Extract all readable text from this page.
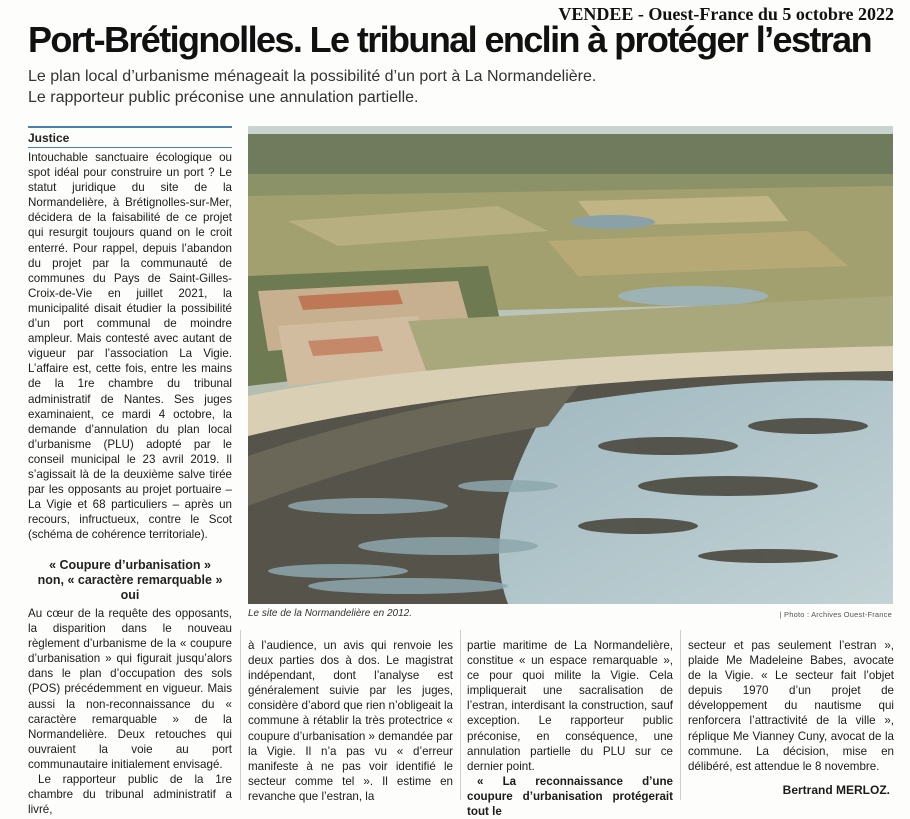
VENDEE - Ouest-France du 5 octobre 2022
Port-Brétignolles. Le tribunal enclin à protéger l’estran
Le plan local d’urbanisme ménageait la possibilité d’un port à La Normandelière.
Le rapporteur public préconise une annulation partielle.
Justice

Intouchable sanctuaire écologique ou spot idéal pour construire un port ? Le statut juridique du site de la Normandelière, à Brétignolles-sur-Mer, décidera de la faisabilité de ce projet qui resurgit toujours quand on le croit enterré. Pour rappel, depuis l’abandon du projet par la communauté de communes du Pays de Saint-Gilles-Croix-de-Vie en juillet 2021, la municipalité disait étudier la possibilité d’un port communal de moindre ampleur. Mais contesté avec autant de vigueur par l’association La Vigie. L’affaire est, cette fois, entre les mains de la 1re chambre du tribunal administratif de Nantes. Ses juges examinaient, ce mardi 4 octobre, la demande d’annulation du plan local d’urbanisme (PLU) adopté par le conseil municipal le 23 avril 2019. Il s’agissait là de la deuxième salve tirée par les opposants au projet portuaire – La Vigie et 68 particuliers – après un recours, infructueux, contre le Scot (schéma de cohérence territoriale).

« Coupure d’urbanisation »
non, « caractère remarquable »
oui
Le site de la Normandelière en 2012.	| Photo : Archives Ouest-France

Au cœur de la requête des opposants, la disparition dans le nouveau règlement d’urbanisme de la « coupure d’urbanisation » qui figurait jusqu’alors dans le plan d’occupation des sols (POS) précédemment en vigueur. Mais aussi la non-reconnaissance du « caractère remarquable » de la Normandelière. Deux retouches qui ouvraient la voie au port communautaire initialement envisagé.

Le rapporteur public de la 1re chambre du tribunal administratif a livré,

à l’audience, un avis qui renvoie les deux parties dos à dos. Le magistrat indépendant, dont l’analyse est généralement suivie par les juges, considère d’abord que rien n’obligeait la commune à rétablir la très protectrice « coupure d’urbanisation » demandée par la Vigie. Il n’a pas vu « d’erreur manifeste à ne pas voir identifié le secteur comme tel ». Il estime en revanche que l’estran, la

partie maritime de La Normandelière, constitue « un espace remarquable », ce pour quoi milite la Vigie. Cela impliquerait une sacralisation de l’estran, interdisant la construction, sauf exception. Le rapporteur public préconise, en conséquence, une annulation partielle du PLU sur ce dernier point.

« La reconnaissance d’une coupure d’urbanisation protégerait tout le

secteur et pas seulement l’estran », plaide Me Madeleine Babes, avocate de la Vigie. « Le secteur fait l’objet depuis 1970 d’un projet de développement du nautisme qui renforcera l’attractivité de la ville », réplique Me Vianney Cuny, avocat de la commune. La décision, mise en délibéré, est attendue le 8 novembre.

Bertrand MERLOZ.
